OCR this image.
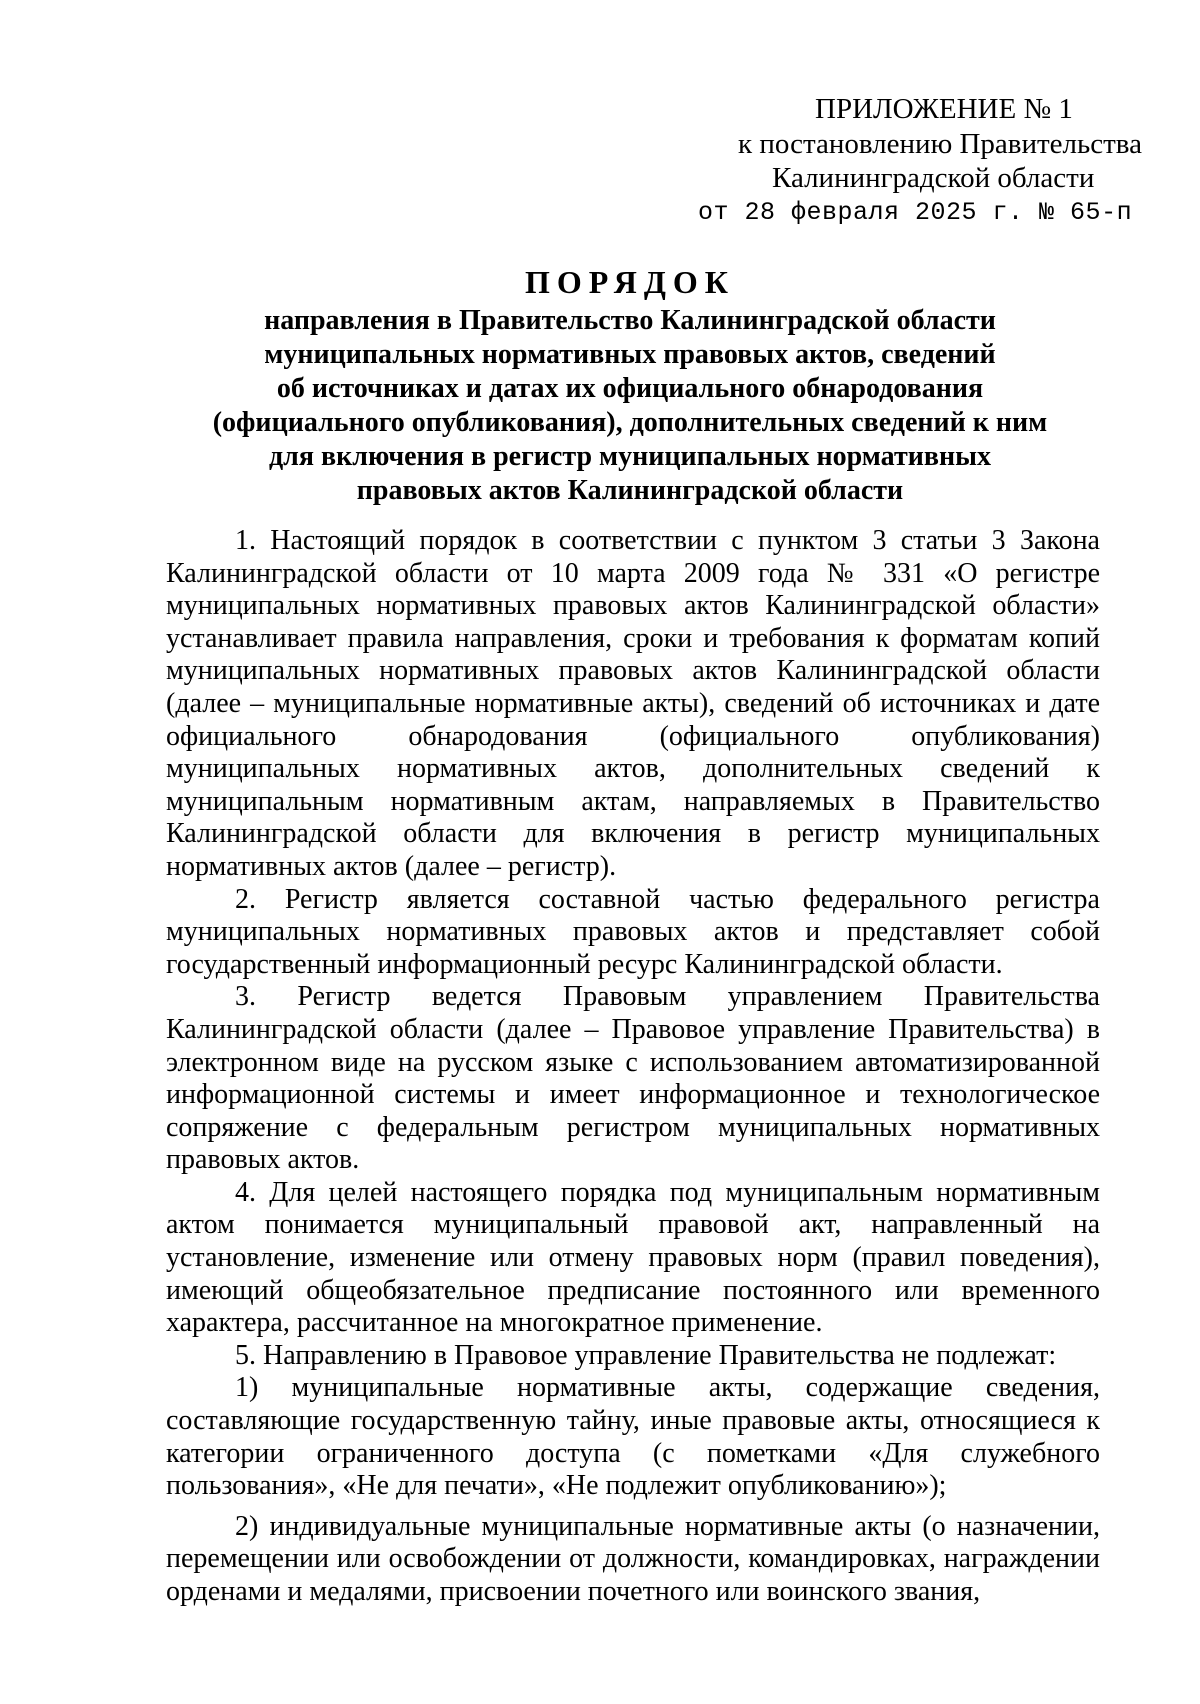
ПРИЛОЖЕНИЕ № 1
к постановлению Правительства
Калининградской области
от 28 февраля 2025 г. № 65-п
ПОРЯДОК
направления в Правительство Калининградской области
муниципальных нормативных правовых актов, сведений
об источниках и датах их официального обнародования
(официального опубликования), дополнительных сведений к ним
для включения в регистр муниципальных нормативных
правовых актов Калининградской области

1. Настоящий порядок в соответствии с пунктом 3 статьи 3 Закона Калининградской области от 10 марта 2009 года № 331 «О регистре муниципальных нормативных правовых актов Калининградской области» устанавливает правила направления, сроки и требования к форматам копий муниципальных нормативных правовых актов Калининградской области (далее – муниципальные нормативные акты), сведений об источниках и дате официального обнародования (официального опубликования) муниципальных нормативных актов, дополнительных сведений к муниципальным нормативным актам, направляемых в Правительство Калининградской области для включения в регистр муниципальных нормативных актов (далее – регистр).

2. Регистр является составной частью федерального регистра муниципальных нормативных правовых актов и представляет собой государственный информационный ресурс Калининградской области.

3. Регистр ведется Правовым управлением Правительства Калининградской области (далее – Правовое управление Правительства) в электронном виде на русском языке с использованием автоматизированной информационной системы и имеет информационное и технологическое сопряжение с федеральным регистром муниципальных нормативных правовых актов.

4. Для целей настоящего порядка под муниципальным нормативным актом понимается муниципальный правовой акт, направленный на установление, изменение или отмену правовых норм (правил поведения), имеющий общеобязательное предписание постоянного или временного характера, рассчитанное на многократное применение.

5. Направлению в Правовое управление Правительства не подлежат:

1) муниципальные нормативные акты, содержащие сведения, составляющие государственную тайну, иные правовые акты, относящиеся к категории ограниченного доступа (с пометками «Для служебного пользования», «Не для печати», «Не подлежит опубликованию»);

2) индивидуальные муниципальные нормативные акты (о назначении, перемещении или освобождении от должности, командировках, награждении орденами и медалями, присвоении почетного или воинского звания,
